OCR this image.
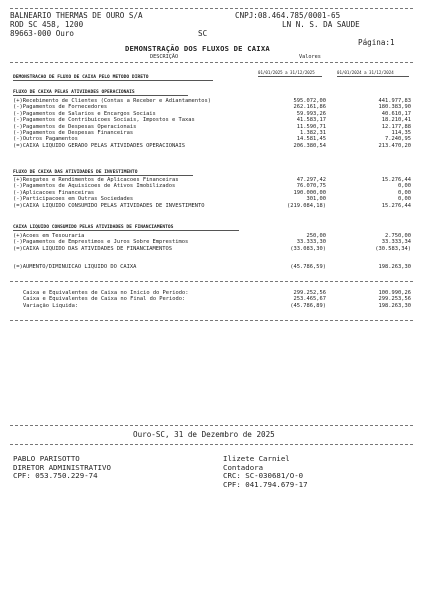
BALNEARIO THERMAS DE OURO S/A	CNPJ:08.464.785/0001-65
ROD SC 458, 1200	LN N. S. DA SAUDE
89663-000 Ouro	SC
Página:1
DEMONSTRAÇÃO DOS FLUXOS DE CAIXA
DESCRIÇÃO	Valores
01/01/2025 a 31/12/2025	01/01/2024 a 31/12/2024
DEMONSTRACAO DE FLUXO DE CAIXA PELO METODO DIRETO
FLUXO DE CAIXA PELAS ATIVIDADES OPERACIONAIS
(+)Recebimento de Clientes (Contas a Receber e Adiantamentos)	595.072,00	441.977,83
(-)Pagamentos de Fornecedores	262.161,86	180.383,90
(-)Pagamentos de Salarios e Encargos Sociais	59.993,26	40.610,17
(-)Pagamentos de Contribuicoes Sociais, Impostos e Taxas	41.583,17	18.210,41
(-)Pagamentos de Despesas Operacionais	11.590,71	12.177,88
(-)Pagamentos de Despesas Financeiras	1.382,31	114,35
(-)Outros Pagamentos	14.581,45	7.240,95
(=)CAIXA LIQUIDO GERADO PELAS ATIVIDADES OPERACIONAIS	206.380,54	213.470,20
FLUXO DE CAIXA DAS ATIVIDADES DE INVESTIMENTO
(+)Resgates e Rendimentos de Aplicacoes Financeiras	47.297,42	15.276,44
(-)Pagamentos de Aquisicoes de Ativos Imobilizados	76.070,75	0,00
(-)Aplicacoes Financeiras	190.000,00	0,00
(-)Participacoes em Outras Sociedades	301,00	0,00
(=)CAIXA LIQUIDO CONSUMIDO PELAS ATIVIDADES DE INVESTIMENTO	(219.084,18)	15.276,44
CAIXA LIQUIDO CONSUMIDO PELAS ATIVIDADES DE FINANCIAMENTOS
(+)Acoes em Tesouraria	250,00	2.750,00
(-)Pagamentos de Emprestimos e Juros Sobre Emprestimos	33.333,30	33.333,34
(=)CAIXA LIQUIDO DAS ATIVIDADES DE FINANCIAMENTOS	(33.083,30)	(30.583,34)
(=)AUMENTO/DIMINUICAO LIQUIDO DO CAIXA	(45.786,59)	198.263,30
Caixa e Equivalentes de Caixa no Inicio do Periodo:	299.252,56	100.990,26
Caixa e Equivalentes de Caixa no Final do Periodo:	253.465,67	299.253,56
Variação Liquida:	(45.786,89)	198.263,30
Ouro-SC, 31 de Dezembro de 2025
PABLO PARISOTTO
DIRETOR ADMINISTRATIVO
CPF: 053.750.229-74
Ilizete Carniel
Contadora
CRC: SC-030681/O-0
CPF: 041.794.679-17
